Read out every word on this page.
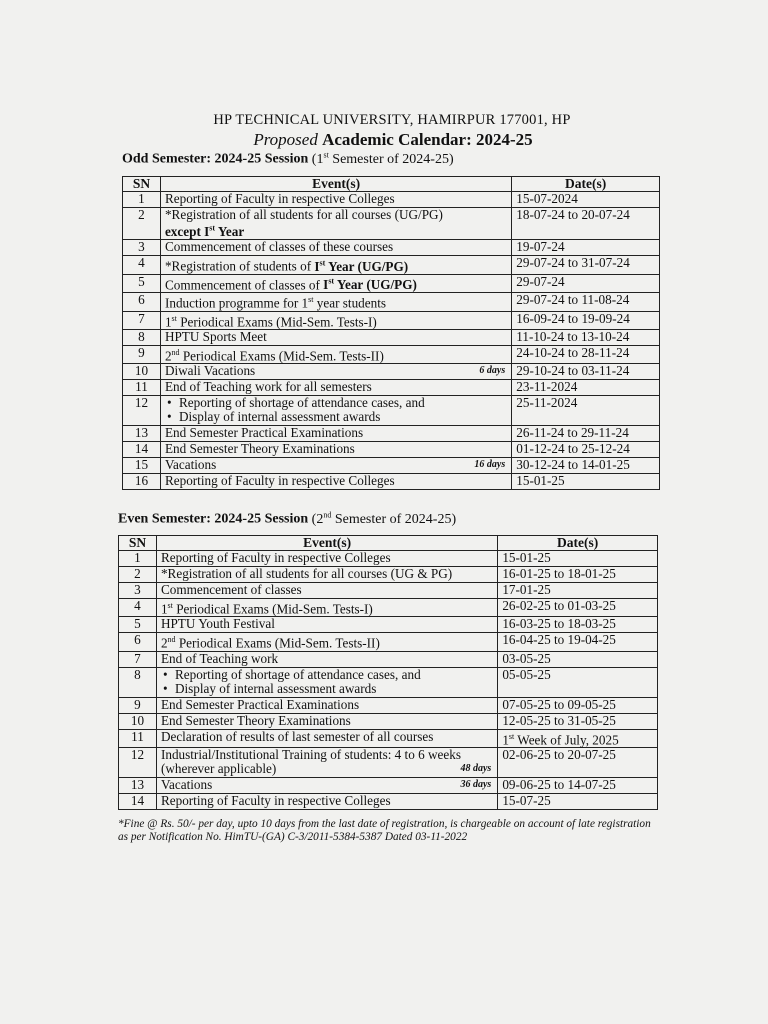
HP TECHNICAL UNIVERSITY, HAMIRPUR 177001, HP
Proposed Academic Calendar: 2024-25
Odd Semester: 2024-25 Session (1st Semester of 2024-25)
SN	Event(s)	Date(s)
1	Reporting of Faculty in respective Colleges	15-07-2024
2	*Registration of all students for all courses (UG/PG)
except Ist Year	18-07-24 to 20-07-24
3	Commencement of classes of these courses	19-07-24
4	*Registration of students of Ist Year (UG/PG)	29-07-24 to 31-07-24
5	Commencement of classes of Ist Year (UG/PG)	29-07-24
6	Induction programme for 1st year students	29-07-24 to 11-08-24
7	1st Periodical Exams (Mid-Sem. Tests-I)	16-09-24 to 19-09-24
8	HPTU Sports Meet	11-10-24 to 13-10-24
9	2nd Periodical Exams (Mid-Sem. Tests-II)	24-10-24 to 28-11-24
10	Diwali Vacations 6 days	29-10-24 to 03-11-24
11	End of Teaching work for all semesters	23-11-2024
12	• Reporting of shortage of attendance cases, and
• Display of internal assessment awards	25-11-2024
13	End Semester Practical Examinations	26-11-24 to 29-11-24
14	End Semester Theory Examinations	01-12-24 to 25-12-24
15	Vacations 16 days	30-12-24 to 14-01-25
16	Reporting of Faculty in respective Colleges	15-01-25
Even Semester: 2024-25 Session (2nd Semester of 2024-25)
SN	Event(s)	Date(s)
1	Reporting of Faculty in respective Colleges	15-01-25
2	*Registration of all students for all courses (UG & PG)	16-01-25 to 18-01-25
3	Commencement of classes	17-01-25
4	1st Periodical Exams (Mid-Sem. Tests-I)	26-02-25 to 01-03-25
5	HPTU Youth Festival	16-03-25 to 18-03-25
6	2nd Periodical Exams (Mid-Sem. Tests-II)	16-04-25 to 19-04-25
7	End of Teaching work	03-05-25
8	• Reporting of shortage of attendance cases, and
• Display of internal assessment awards	05-05-25
9	End Semester Practical Examinations	07-05-25 to 09-05-25
10	End Semester Theory Examinations	12-05-25 to 31-05-25
11	Declaration of results of last semester of all courses	1st Week of July, 2025
12	Industrial/Institutional Training of students: 4 to 6 weeks
(wherever applicable) 48 days	02-06-25 to 20-07-25
13	Vacations 36 days	09-06-25 to 14-07-25
14	Reporting of Faculty in respective Colleges	15-07-25
*Fine @ Rs. 50/- per day, upto 10 days from the last date of registration, is chargeable on account of late registration as per Notification No. HimTU-(GA) C-3/2011-5384-5387 Dated 03-11-2022
